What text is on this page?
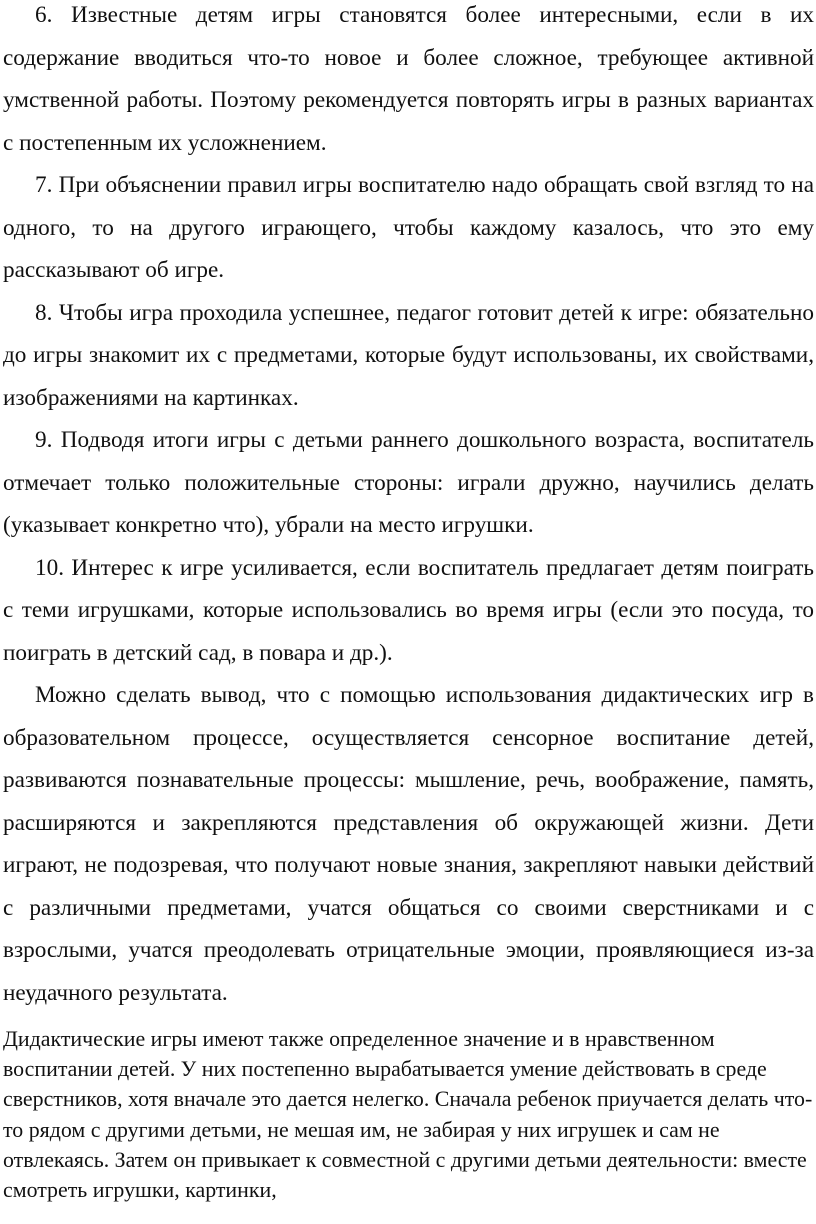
6. Известные детям игры становятся более интересными, если в их содержание вводиться что-то новое и более сложное, требующее активной умственной работы. Поэтому рекомендуется повторять игры в разных вариантах с постепенным их усложнением.

7. При объяснении правил игры воспитателю надо обращать свой взгляд то на одного, то на другого играющего, чтобы каждому казалось, что это ему рассказывают об игре.

8. Чтобы игра проходила успешнее, педагог готовит детей к игре: обязательно до игры знакомит их с предметами, которые будут использованы, их свойствами, изображениями на картинках.

9. Подводя итоги игры с детьми раннего дошкольного возраста, воспитатель отмечает только положительные стороны: играли дружно, научились делать (указывает конкретно что), убрали на место игрушки.

10. Интерес к игре усиливается, если воспитатель предлагает детям поиграть с теми игрушками, которые использовались во время игры (если это посуда, то поиграть в детский сад, в повара и др.).

Можно сделать вывод, что с помощью использования дидактических игр в образовательном процессе, осуществляется сенсорное воспитание детей, развиваются познавательные процессы: мышление, речь, воображение, память, расширяются и закрепляются представления об окружающей жизни. Дети играют, не подозревая, что получают новые знания, закрепляют навыки действий с различными предметами, учатся общаться со своими сверстниками и с взрослыми, учатся преодолевать отрицательные эмоции, проявляющиеся из-за неудачного результата.

Дидактические игры имеют также определенное значение и в нравственном воспитании детей. У них постепенно вырабатывается умение действовать в среде сверстников, хотя вначале это дается нелегко. Сначала ребенок приучается делать что-то рядом с другими детьми, не мешая им, не забирая у них игрушек и сам не отвлекаясь. Затем он привыкает к совместной с другими детьми деятельности: вместе смотреть игрушки, картинки,
